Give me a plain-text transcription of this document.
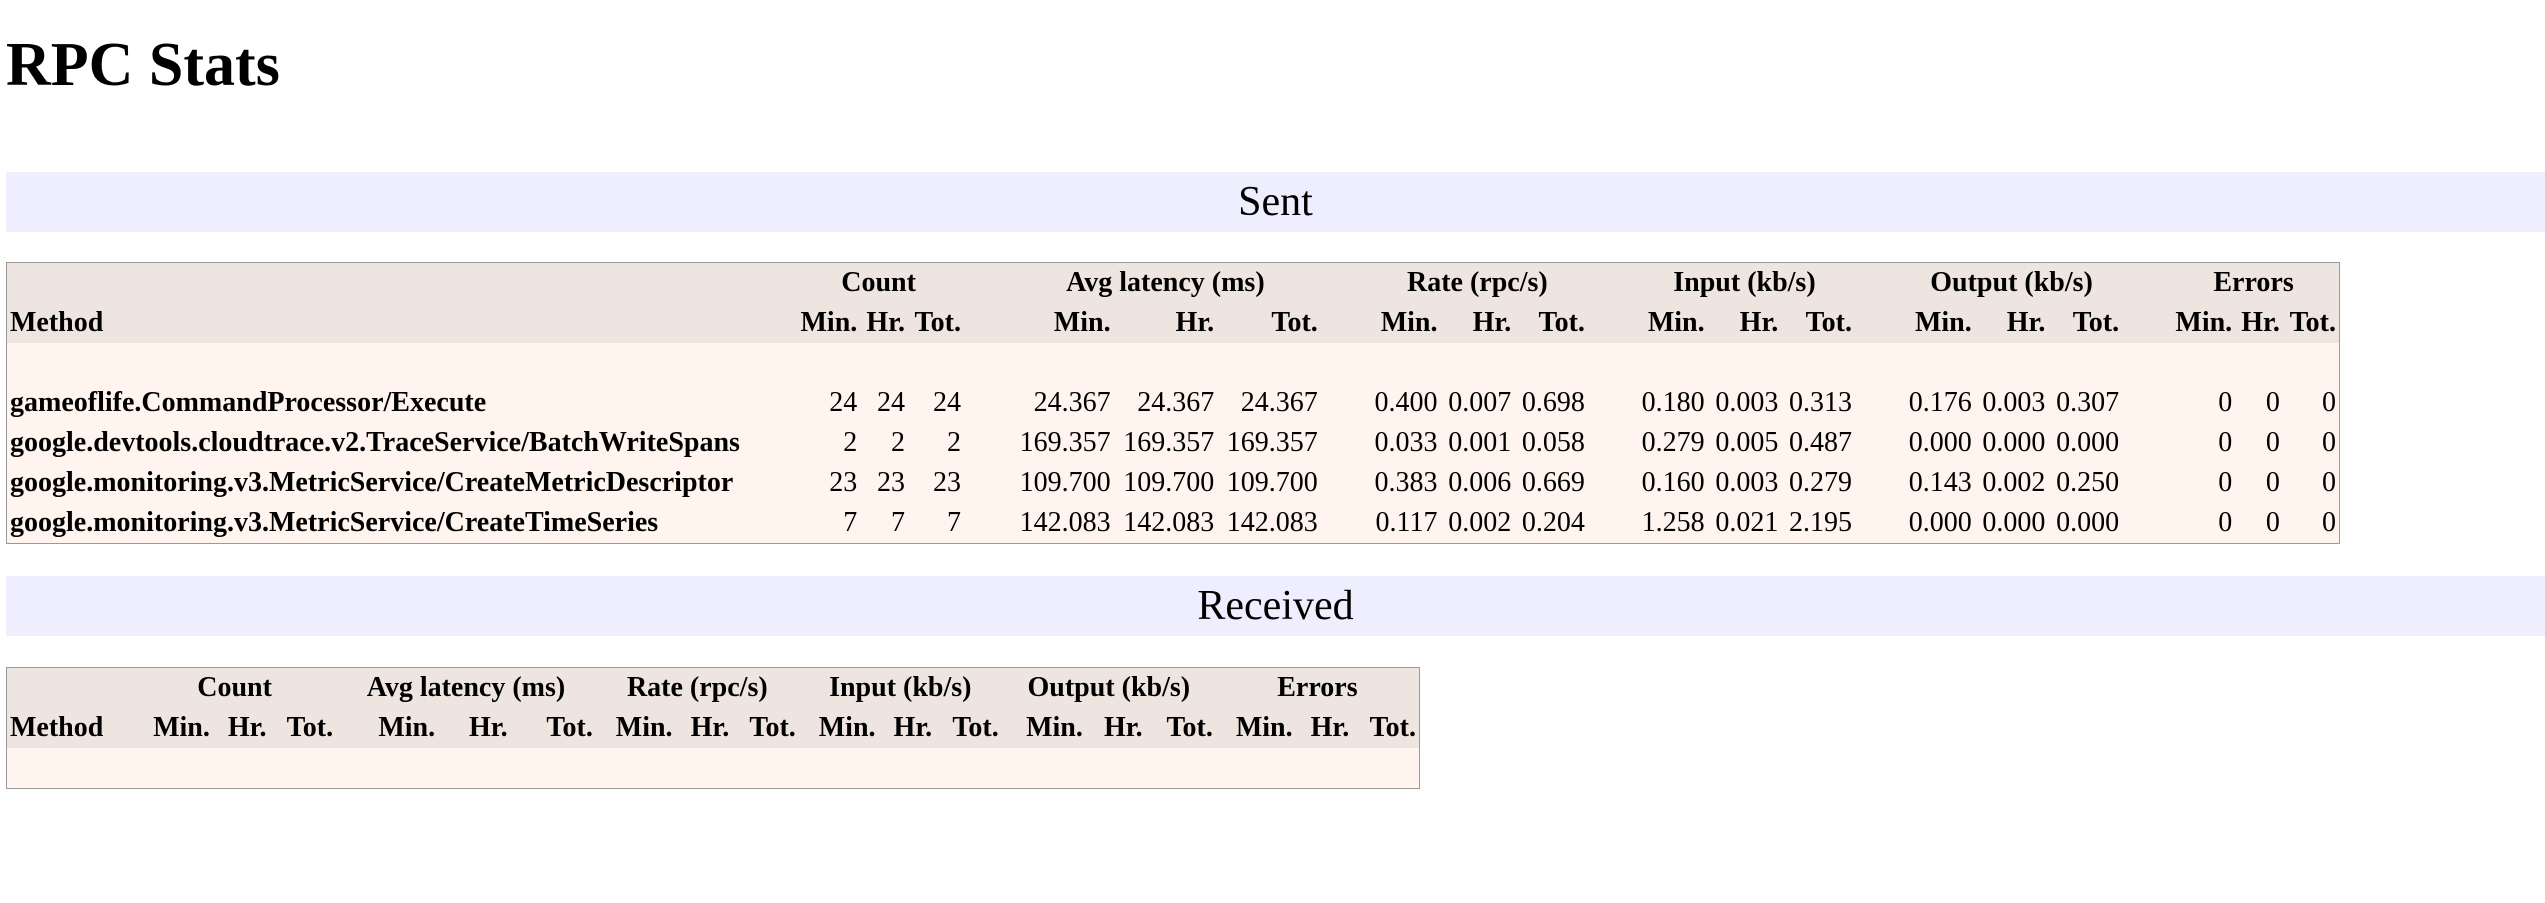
RPC Stats
Sent
	Count				Avg latency (ms)				Rate (rpc/s)				Input (kb/s)				Output (kb/s)				Errors		
Method	Min.	Hr.	Tot.		Min.	Hr.	Tot.		Min.	Hr.	Tot.		Min.	Hr.	Tot.		Min.	Hr.	Tot.		Min.	Hr.	Tot.

gameoflife.CommandProcessor/Execute	24	24	24		24.367	24.367	24.367		0.400	0.007	0.698		0.180	0.003	0.313		0.176	0.003	0.307		0	0	0
google.devtools.cloudtrace.v2.TraceService/BatchWriteSpans	2	2	2		169.357	169.357	169.357		0.033	0.001	0.058		0.279	0.005	0.487		0.000	0.000	0.000		0	0	0
google.monitoring.v3.MetricService/CreateMetricDescriptor	23	23	23		109.700	109.700	109.700		0.383	0.006	0.669		0.160	0.003	0.279		0.143	0.002	0.250		0	0	0
google.monitoring.v3.MetricService/CreateTimeSeries	7	7	7		142.083	142.083	142.083		0.117	0.002	0.204		1.258	0.021	2.195		0.000	0.000	0.000		0	0	0
Received
	Count			Avg latency (ms)			Rate (rpc/s)			Input (kb/s)			Output (kb/s)			Errors		
Method	Min.	Hr.	Tot.	Min.	Hr.	Tot.	Min.	Hr.	Tot.	Min.	Hr.	Tot.	Min.	Hr.	Tot.	Min.	Hr.	Tot.
